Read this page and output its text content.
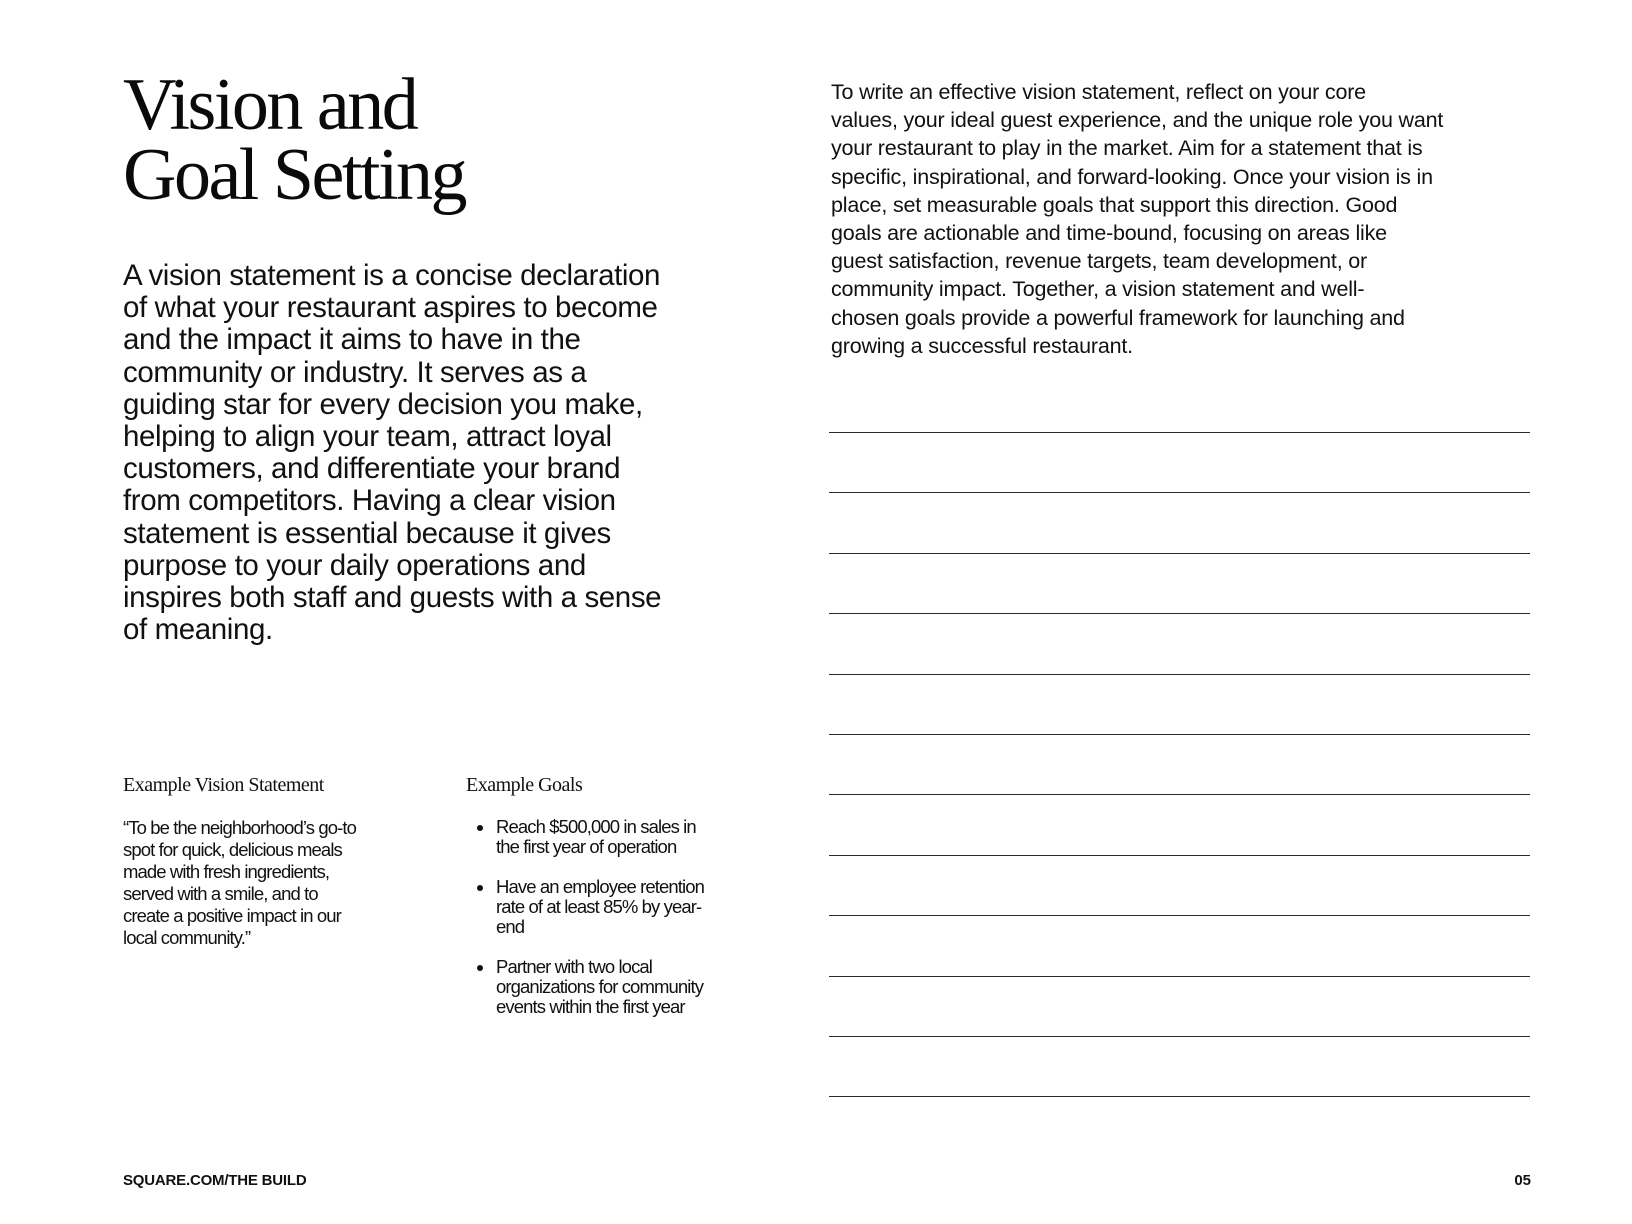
Vision and
Goal Setting

A vision statement is a concise declaration of what your restaurant aspires to become and the impact it aims to have in the community or industry. It serves as a guiding star for every decision you make, helping to align your team, attract loyal customers, and differentiate your brand from competitors. Having a clear vision statement is essential because it gives purpose to your daily operations and inspires both staff and guests with a sense of meaning.

To write an effective vision statement, reflect on your core
values, your ideal guest experience, and the unique role you want
your restaurant to play in the market. Aim for a statement that is
specific, inspirational, and forward-looking. Once your vision is in
place, set measurable goals that support this direction. Good
goals are actionable and time-bound, focusing on areas like
guest satisfaction, revenue targets, team development, or
community impact. Together, a vision statement and well-
chosen goals provide a powerful framework for launching and
growing a successful restaurant.

Example Vision Statement

“To be the neighborhood’s go-to spot for quick, delicious meals made with fresh ingredients, served with a smile, and to create a positive impact in our local community.”

Example Goals
Reach $500,000 in sales in the first year of operation
Have an employee retention rate of at least 85% by year-end
Partner with two local organizations for community events within the first year
SQUARE.COM/THE BUILD	05
